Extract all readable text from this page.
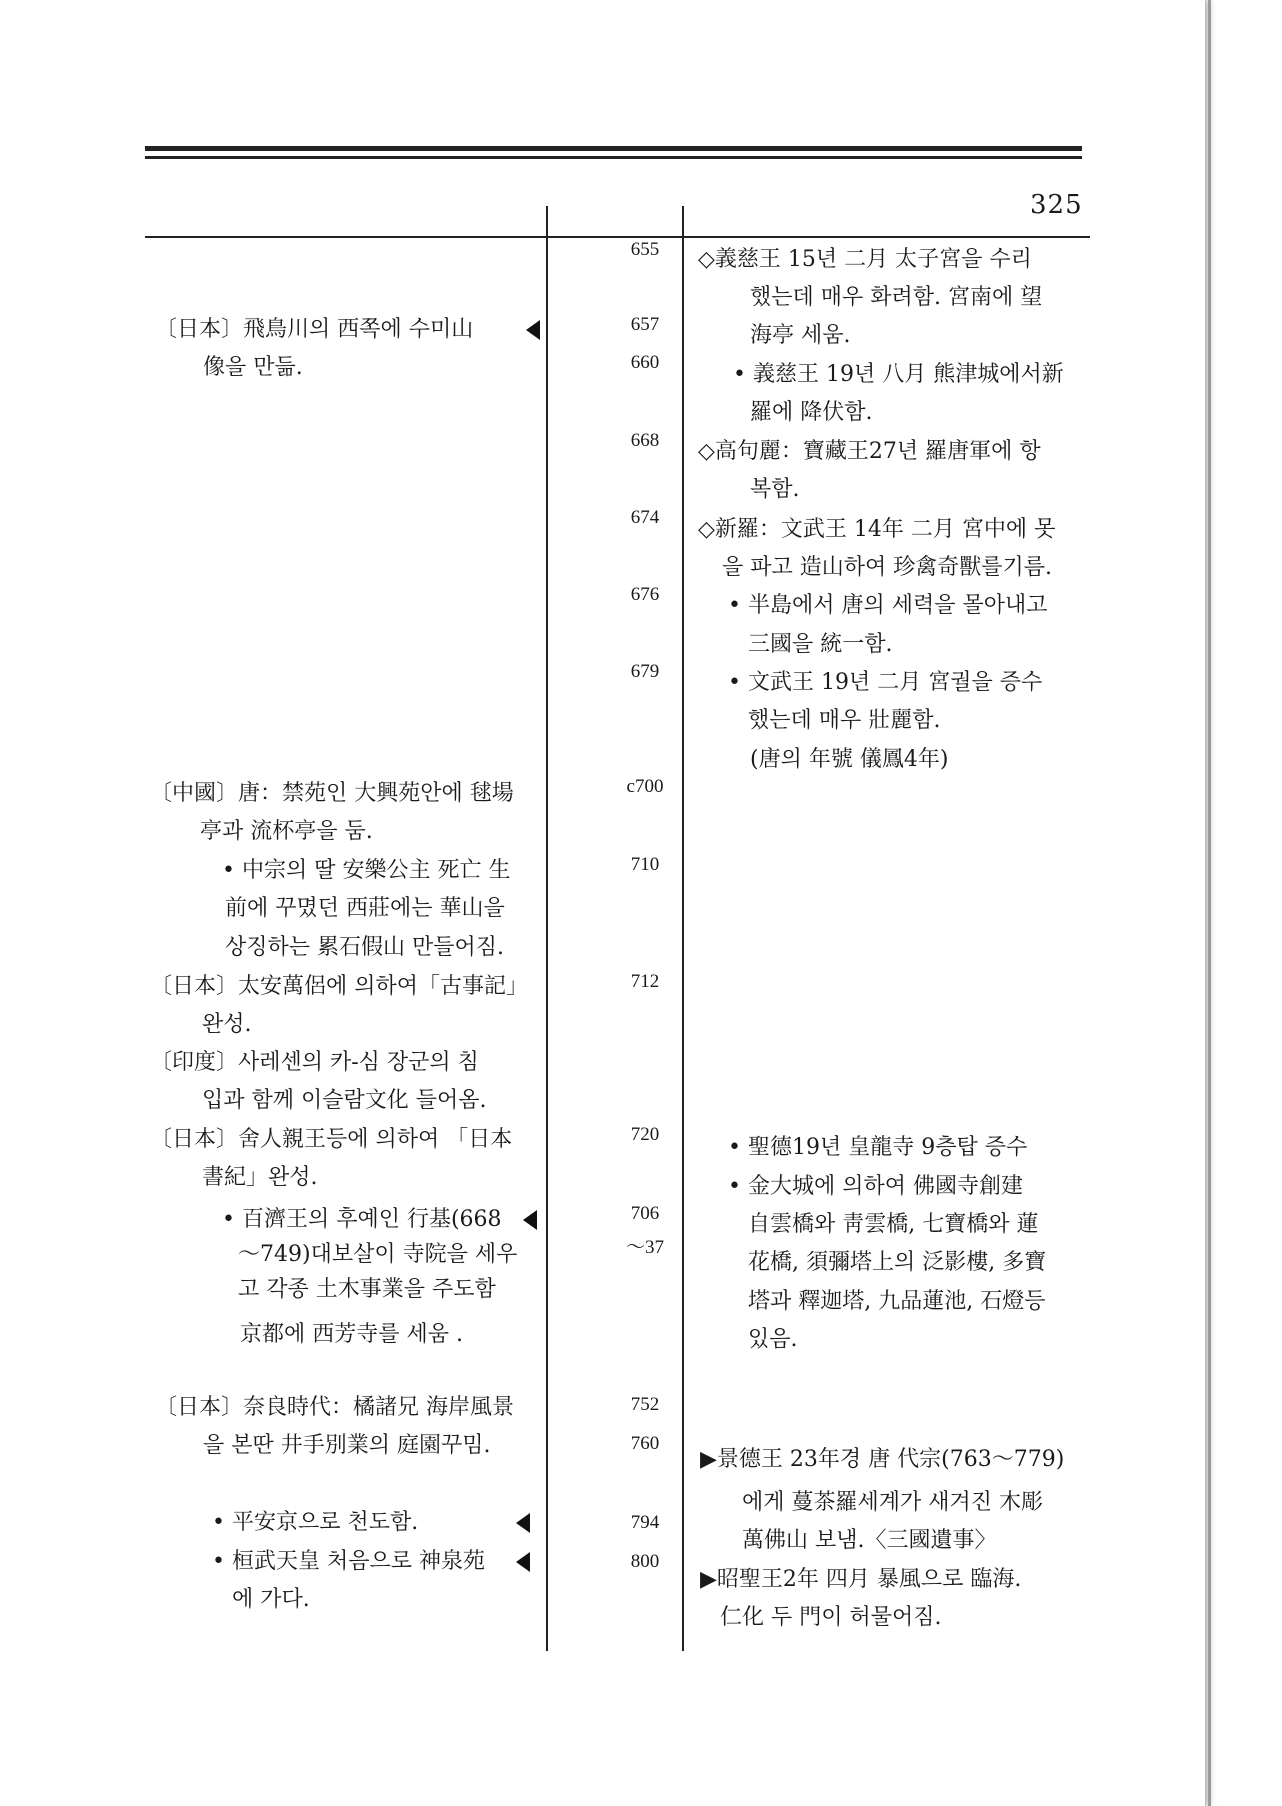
325
〔日本〕飛鳥川의 西쪽에 수미山
像을 만듦.
〔中國〕唐：禁苑인 大興苑안에 毬場
亭과 流杯亭을 둠.
• 中宗의 딸 安樂公主 死亡 生
前에 꾸몄던 西莊에는 華山을
상징하는 累石假山 만들어짐.
〔日本〕太安萬侶에 의하여「古事記」
완성.
〔印度〕사레센의 카-심 장군의 침
입과 함께 이슬람文化 들어옴.
〔日本〕舍人親王등에 의하여 「日本
書紀」완성.
• 百濟王의 후예인 行基(668
～749)대보살이 寺院을 세우
고 각종 土木事業을 주도함
京都에 西芳寺를 세움 .
〔日本〕奈良時代：橘諸兄 海岸風景
을 본딴 井手別業의 庭園꾸밈.
• 平安京으로 천도함.
• 桓武天皇 처음으로 神泉苑
에 가다.
655
657
660
668
674
676
679
c700
710
712
720
706
～37
752
760
794
800
◇義慈王 15년 二月 太子宮을 수리
했는데 매우 화려함. 宮南에 望
海亭 세움.
• 義慈王 19년 八月 熊津城에서新
羅에 降伏함.
◇高句麗：寶藏王27년 羅唐軍에 항
복함.
◇新羅：文武王 14年 二月 宮中에 못
을 파고 造山하여 珍禽奇獸를기름.
• 半島에서 唐의 세력을 몰아내고
三國을 統一함.
• 文武王 19년 二月 宮궐을 증수
했는데 매우 壯麗함.
(唐의 年號 儀鳳4年)
• 聖德19년 皇龍寺 9층탑 증수
• 金大城에 의하여 佛國寺創建
自雲橋와 靑雲橋, 七寶橋와 蓮
花橋, 須彌塔上의 泛影樓, 多寶
塔과 釋迦塔, 九品蓮池, 石燈등
있음.
▶景德王 23年경 唐 代宗(763～779)
에게 蔓茶羅세계가 새겨진 木彫
萬佛山 보냄.〈三國遺事〉
▶昭聖王2年 四月 暴風으로 臨海.
仁化 두 門이 허물어짐.
